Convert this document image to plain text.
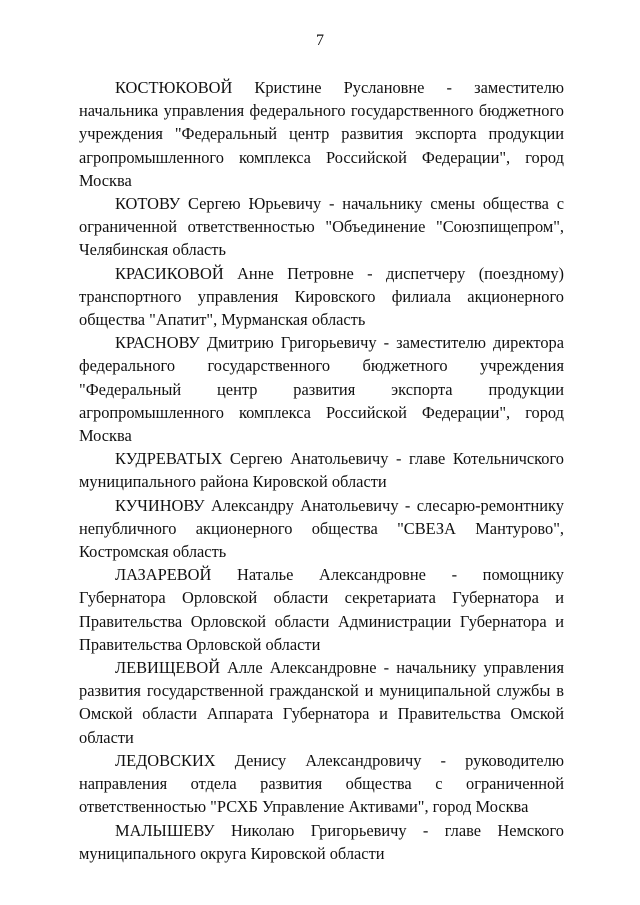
7

КОСТЮКОВОЙ Кристине Руслановне - заместителю начальника управления федерального государственного бюджетного учреждения "Федеральный центр развития экспорта продукции агропромышленного комплекса Российской Федерации", город Москва

КОТОВУ Сергею Юрьевичу - начальнику смены общества с ограниченной ответственностью "Объединение "Союзпищепром", Челябинская область

КРАСИКОВОЙ Анне Петровне - диспетчеру (поездному) транспортного управления Кировского филиала акционерного общества "Апатит", Мурманская область

КРАСНОВУ Дмитрию Григорьевичу - заместителю директора федерального государственного бюджетного учреждения "Федеральный центр развития экспорта продукции агропромышленного комплекса Российской Федерации", город Москва

КУДРЕВАТЫХ Сергею Анатольевичу - главе Котельничского муниципального района Кировской области

КУЧИНОВУ Александру Анатольевичу - слесарю-ремонтнику непубличного акционерного общества "СВЕЗА Мантурово", Костромская область

ЛАЗАРЕВОЙ Наталье Александровне - помощнику Губернатора Орловской области секретариата Губернатора и Правительства Орловской области Администрации Губернатора и Правительства Орловской области

ЛЕВИЩЕВОЙ Алле Александровне - начальнику управления развития государственной гражданской и муниципальной службы в Омской области Аппарата Губернатора и Правительства Омской области

ЛЕДОВСКИХ Денису Александровичу - руководителю направления отдела развития общества с ограниченной ответственностью "РСХБ Управление Активами", город Москва

МАЛЫШЕВУ Николаю Григорьевичу - главе Немского муниципального округа Кировской области
